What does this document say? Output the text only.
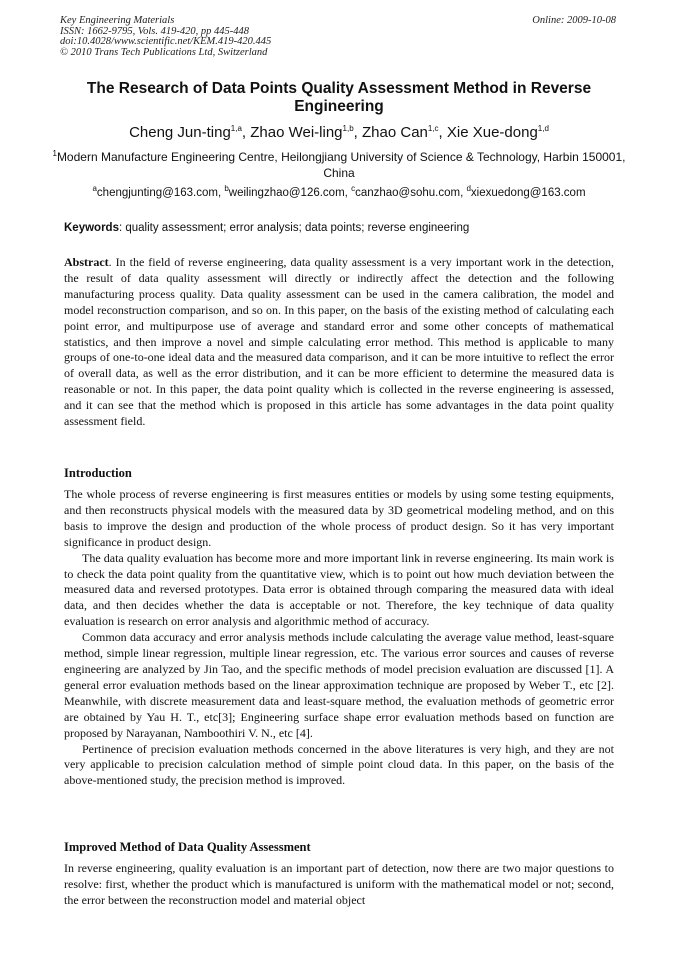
Key Engineering Materials
ISSN: 1662-9795, Vols. 419-420, pp 445-448
doi:10.4028/www.scientific.net/KEM.419-420.445
© 2010 Trans Tech Publications Ltd, Switzerland
Online: 2009-10-08
The Research of Data Points Quality Assessment Method in Reverse Engineering
Cheng Jun-ting$^{1,a}$, Zhao Wei-ling$^{1,b}$, Zhao Can$^{1,c}$, Xie Xue-dong$^{1,d}$
$^1$Modern Manufacture Engineering Centre, Heilongjiang University of Science & Technology, Harbin 150001, China
$^a$chengjunting@163.com, $^b$weilingzhao@126.com, $^c$canzhao@sohu.com, $^d$xiexuedong@163.com
Keywords: quality assessment; error analysis; data points; reverse engineering

Abstract. In the field of reverse engineering, data quality assessment is a very important work in the detection, the result of data quality assessment will directly or indirectly affect the detection and the following manufacturing process quality. Data quality assessment can be used in the camera calibration, the model and model reconstruction comparison, and so on. In this paper, on the basis of the existing method of calculating each point error, and multipurpose use of average and standard error and some other concepts of mathematical statistics, and then improve a novel and simple calculating error method. This method is applicable to many groups of one-to-one ideal data and the measured data comparison, and it can be more intuitive to reflect the error of overall data, as well as the error distribution, and it can be more efficient to determine the measured data is reasonable or not. In this paper, the data point quality which is collected in the reverse engineering is assessed, and it can see that the method which is proposed in this article has some advantages in the data point quality assessment field.

Introduction

The whole process of reverse engineering is first measures entities or models by using some testing equipments, and then reconstructs physical models with the measured data by 3D geometrical modeling method, and on this basis to improve the design and production of the whole process of product design. So it has very important significance in product design.

The data quality evaluation has become more and more important link in reverse engineering. Its main work is to check the data point quality from the quantitative view, which is to point out how much deviation between the measured data and reversed prototypes. Data error is obtained through comparing the measured data with ideal data, and then decides whether the data is acceptable or not. Therefore, the key technique of data quality evaluation is research on error analysis and algorithmic method of accuracy.

Common data accuracy and error analysis methods include calculating the average value method, least-square method, simple linear regression, multiple linear regression, etc. The various error sources and causes of reverse engineering are analyzed by Jin Tao, and the specific methods of model precision evaluation are discussed [1]. A general error evaluation methods based on the linear approximation technique are proposed by Weber T., etc [2]. Meanwhile, with discrete measurement data and least-square method, the evaluation methods of geometric error are obtained by Yau H. T., etc[3]; Engineering surface shape error evaluation methods based on function are proposed by Narayanan, Namboothiri V. N., etc [4].

Pertinence of precision evaluation methods concerned in the above literatures is very high, and they are not very applicable to precision calculation method of simple point cloud data. In this paper, on the basis of the above-mentioned study, the precision method is improved.

Improved Method of Data Quality Assessment

In reverse engineering, quality evaluation is an important part of detection, now there are two major questions to resolve: first, whether the product which is manufactured is uniform with the mathematical model or not; second, the error between the reconstruction model and material object
